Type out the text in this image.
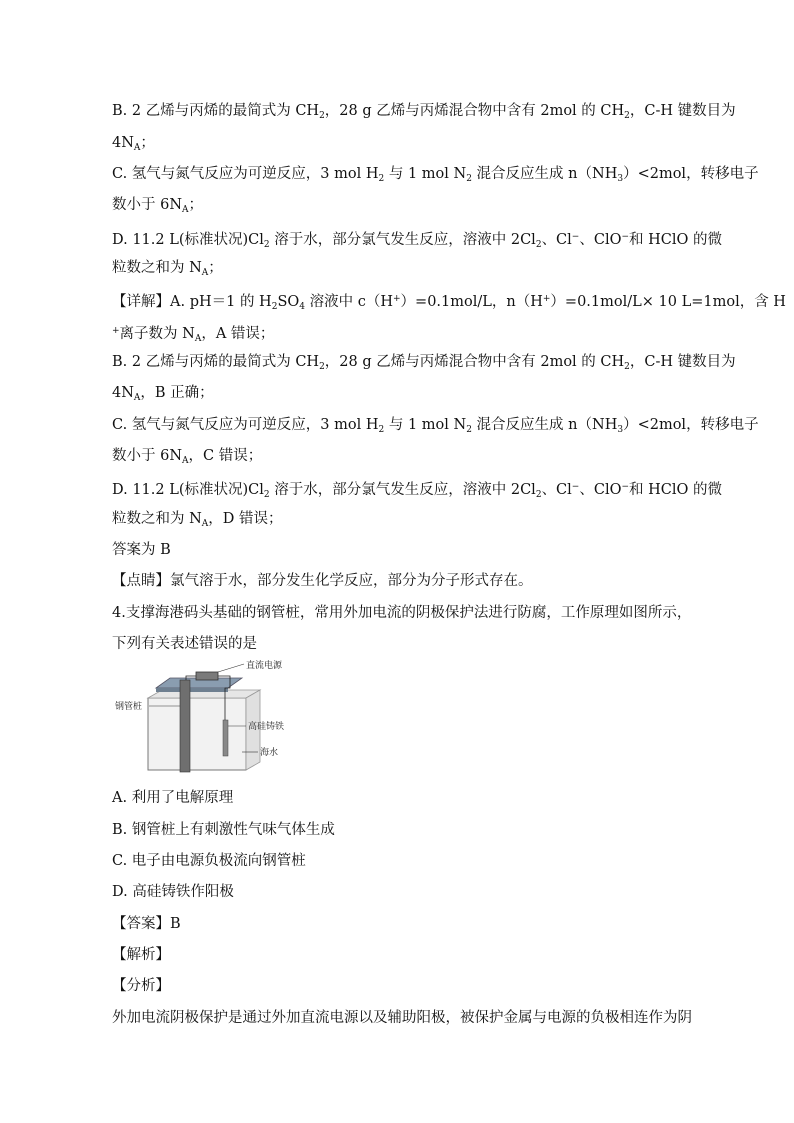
B. 2 乙烯与丙烯的最简式为 $CH_2$，28 g 乙烯与丙烯混合物中含有 2mol 的 $CH_2$，C-H 键数目为
$4N_A$；
C. 氢气与氮气反应为可逆反应，3 mol $H_2$ 与 1 mol $N_2$ 混合反应生成 $n(NH_3)<2mol$，转移电子
数小于 $6N_A$；
D. 11.2 L(标准状况)$Cl_2$ 溶于水，部分氯气发生反应，溶液中 $2Cl_2$、Cl−、ClO−和 HClO 的微
粒数之和为 $N_A$；
【详解】A. pH＝1 的 $H_2SO_4$ 溶液中 c（H+）=0.1mol/L，n（H+）=0.1mol/L× 10 L=1mol，含 H
+离子数为 $N_A$，A 错误；
B. 2 乙烯与丙烯的最简式为 $CH_2$，28 g 乙烯与丙烯混合物中含有 2mol 的 $CH_2$，C-H 键数目为
$4N_A$，B 正确；
C. 氢气与氮气反应为可逆反应，3 mol $H_2$ 与 1 mol $N_2$ 混合反应生成 $n(NH_3)<2mol$，转移电子
数小于 $6N_A$，C 错误；
D. 11.2 L(标准状况)$Cl_2$ 溶于水，部分氯气发生反应，溶液中 $2Cl_2$、Cl−、ClO−和 HClO 的微
粒数之和为 $N_A$，D 错误；
答案为 B
【点睛】氯气溶于水，部分发生化学反应，部分为分子形式存在。
4.支撑海港码头基础的钢管桩，常用外加电流的阴极保护法进行防腐，工作原理如图所示，
下列有关表述错误的是
直流电源
钢管桩
高硅铸铁
海水
A. 利用了电解原理
B. 钢管桩上有刺激性气味气体生成
C. 电子由电源负极流向钢管桩
D. 高硅铸铁作阳极
【答案】B
【解析】
【分析】
外加电流阴极保护是通过外加直流电源以及辅助阳极，被保护金属与电源的负极相连作为阴
